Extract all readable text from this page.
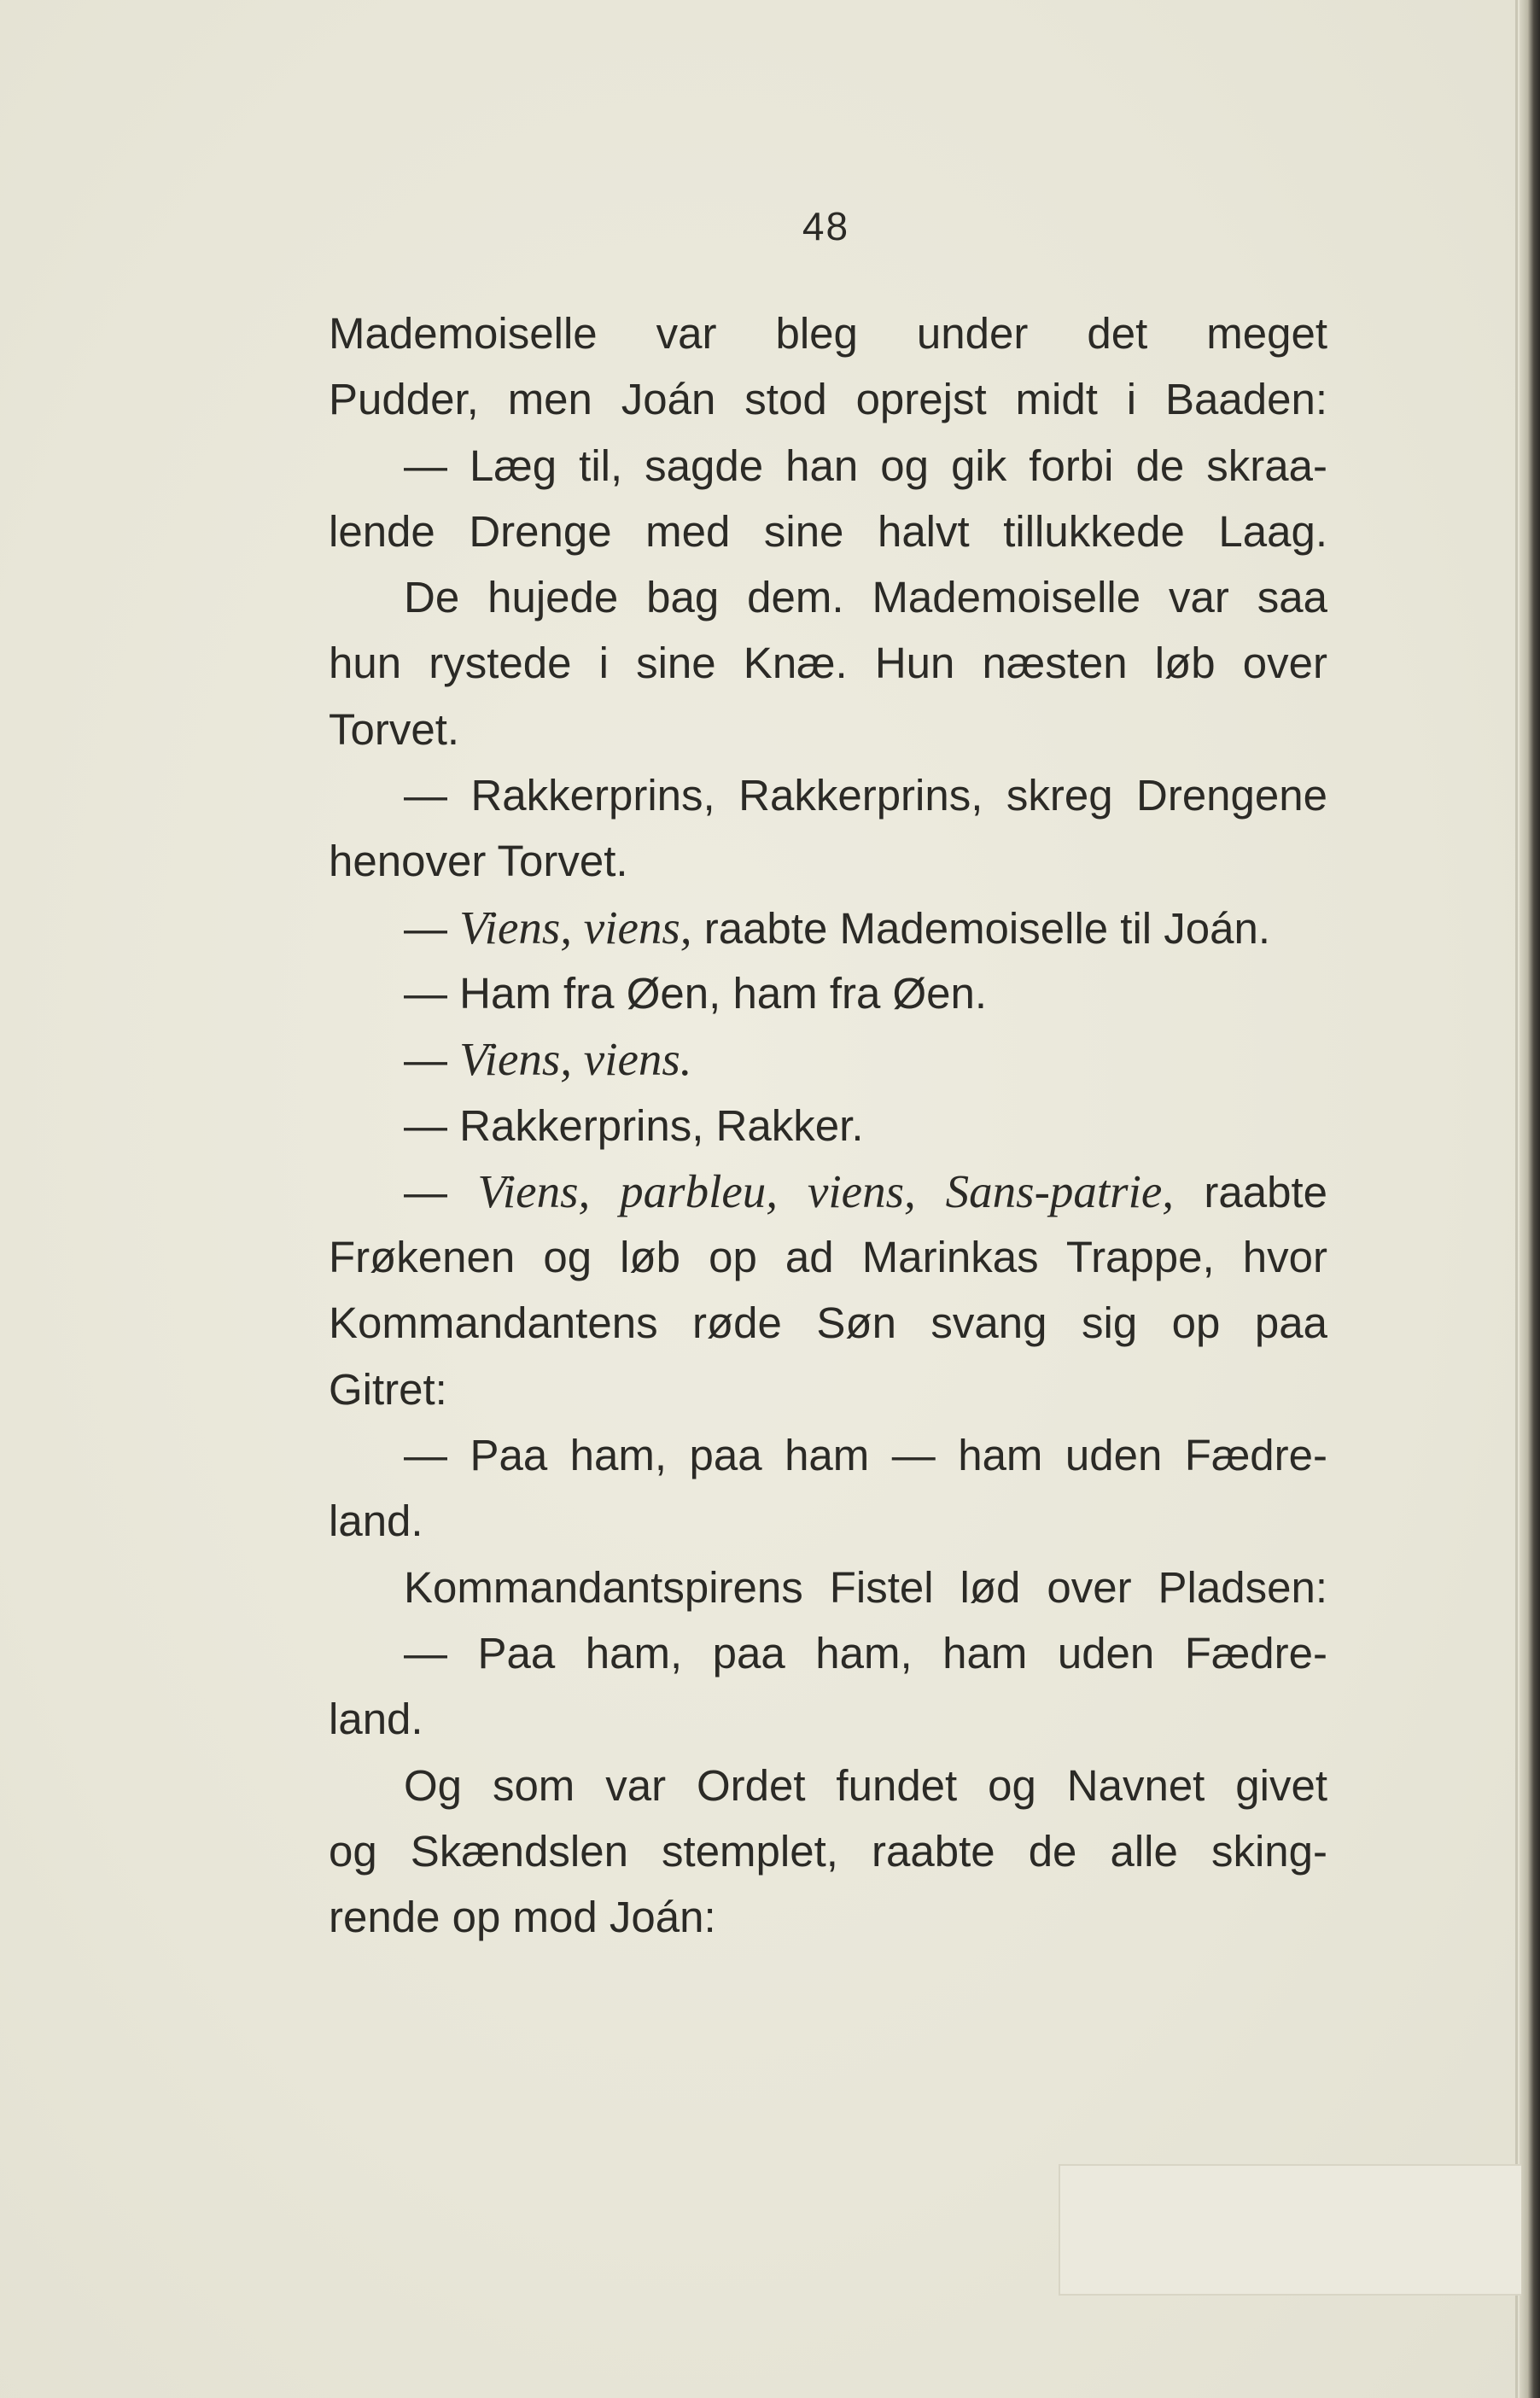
48
Mademoiselle var bleg under det meget
Pudder, men Joán stod oprejst midt i Baaden:
— Læg til, sagde han og gik forbi de skraa-
lende Drenge med sine halvt tillukkede Laag.
De hujede bag dem. Mademoiselle var saa
hun rystede i sine Knæ. Hun næsten løb over
Torvet.
— Rakkerprins, Rakkerprins, skreg Drengene
henover Torvet.
— Viens, viens, raabte Mademoiselle til Joán.
— Ham fra Øen, ham fra Øen.
— Viens, viens.
— Rakkerprins, Rakker.
— Viens, parbleu, viens, Sans-patrie, raabte
Frøkenen og løb op ad Marinkas Trappe, hvor
Kommandantens røde Søn svang sig op paa
Gitret:
— Paa ham, paa ham — ham uden Fædre-
land.
Kommandantspirens Fistel lød over Pladsen:
— Paa ham, paa ham, ham uden Fædre-
land.
Og som var Ordet fundet og Navnet givet
og Skændslen stemplet, raabte de alle sking-
rende op mod Joán:
